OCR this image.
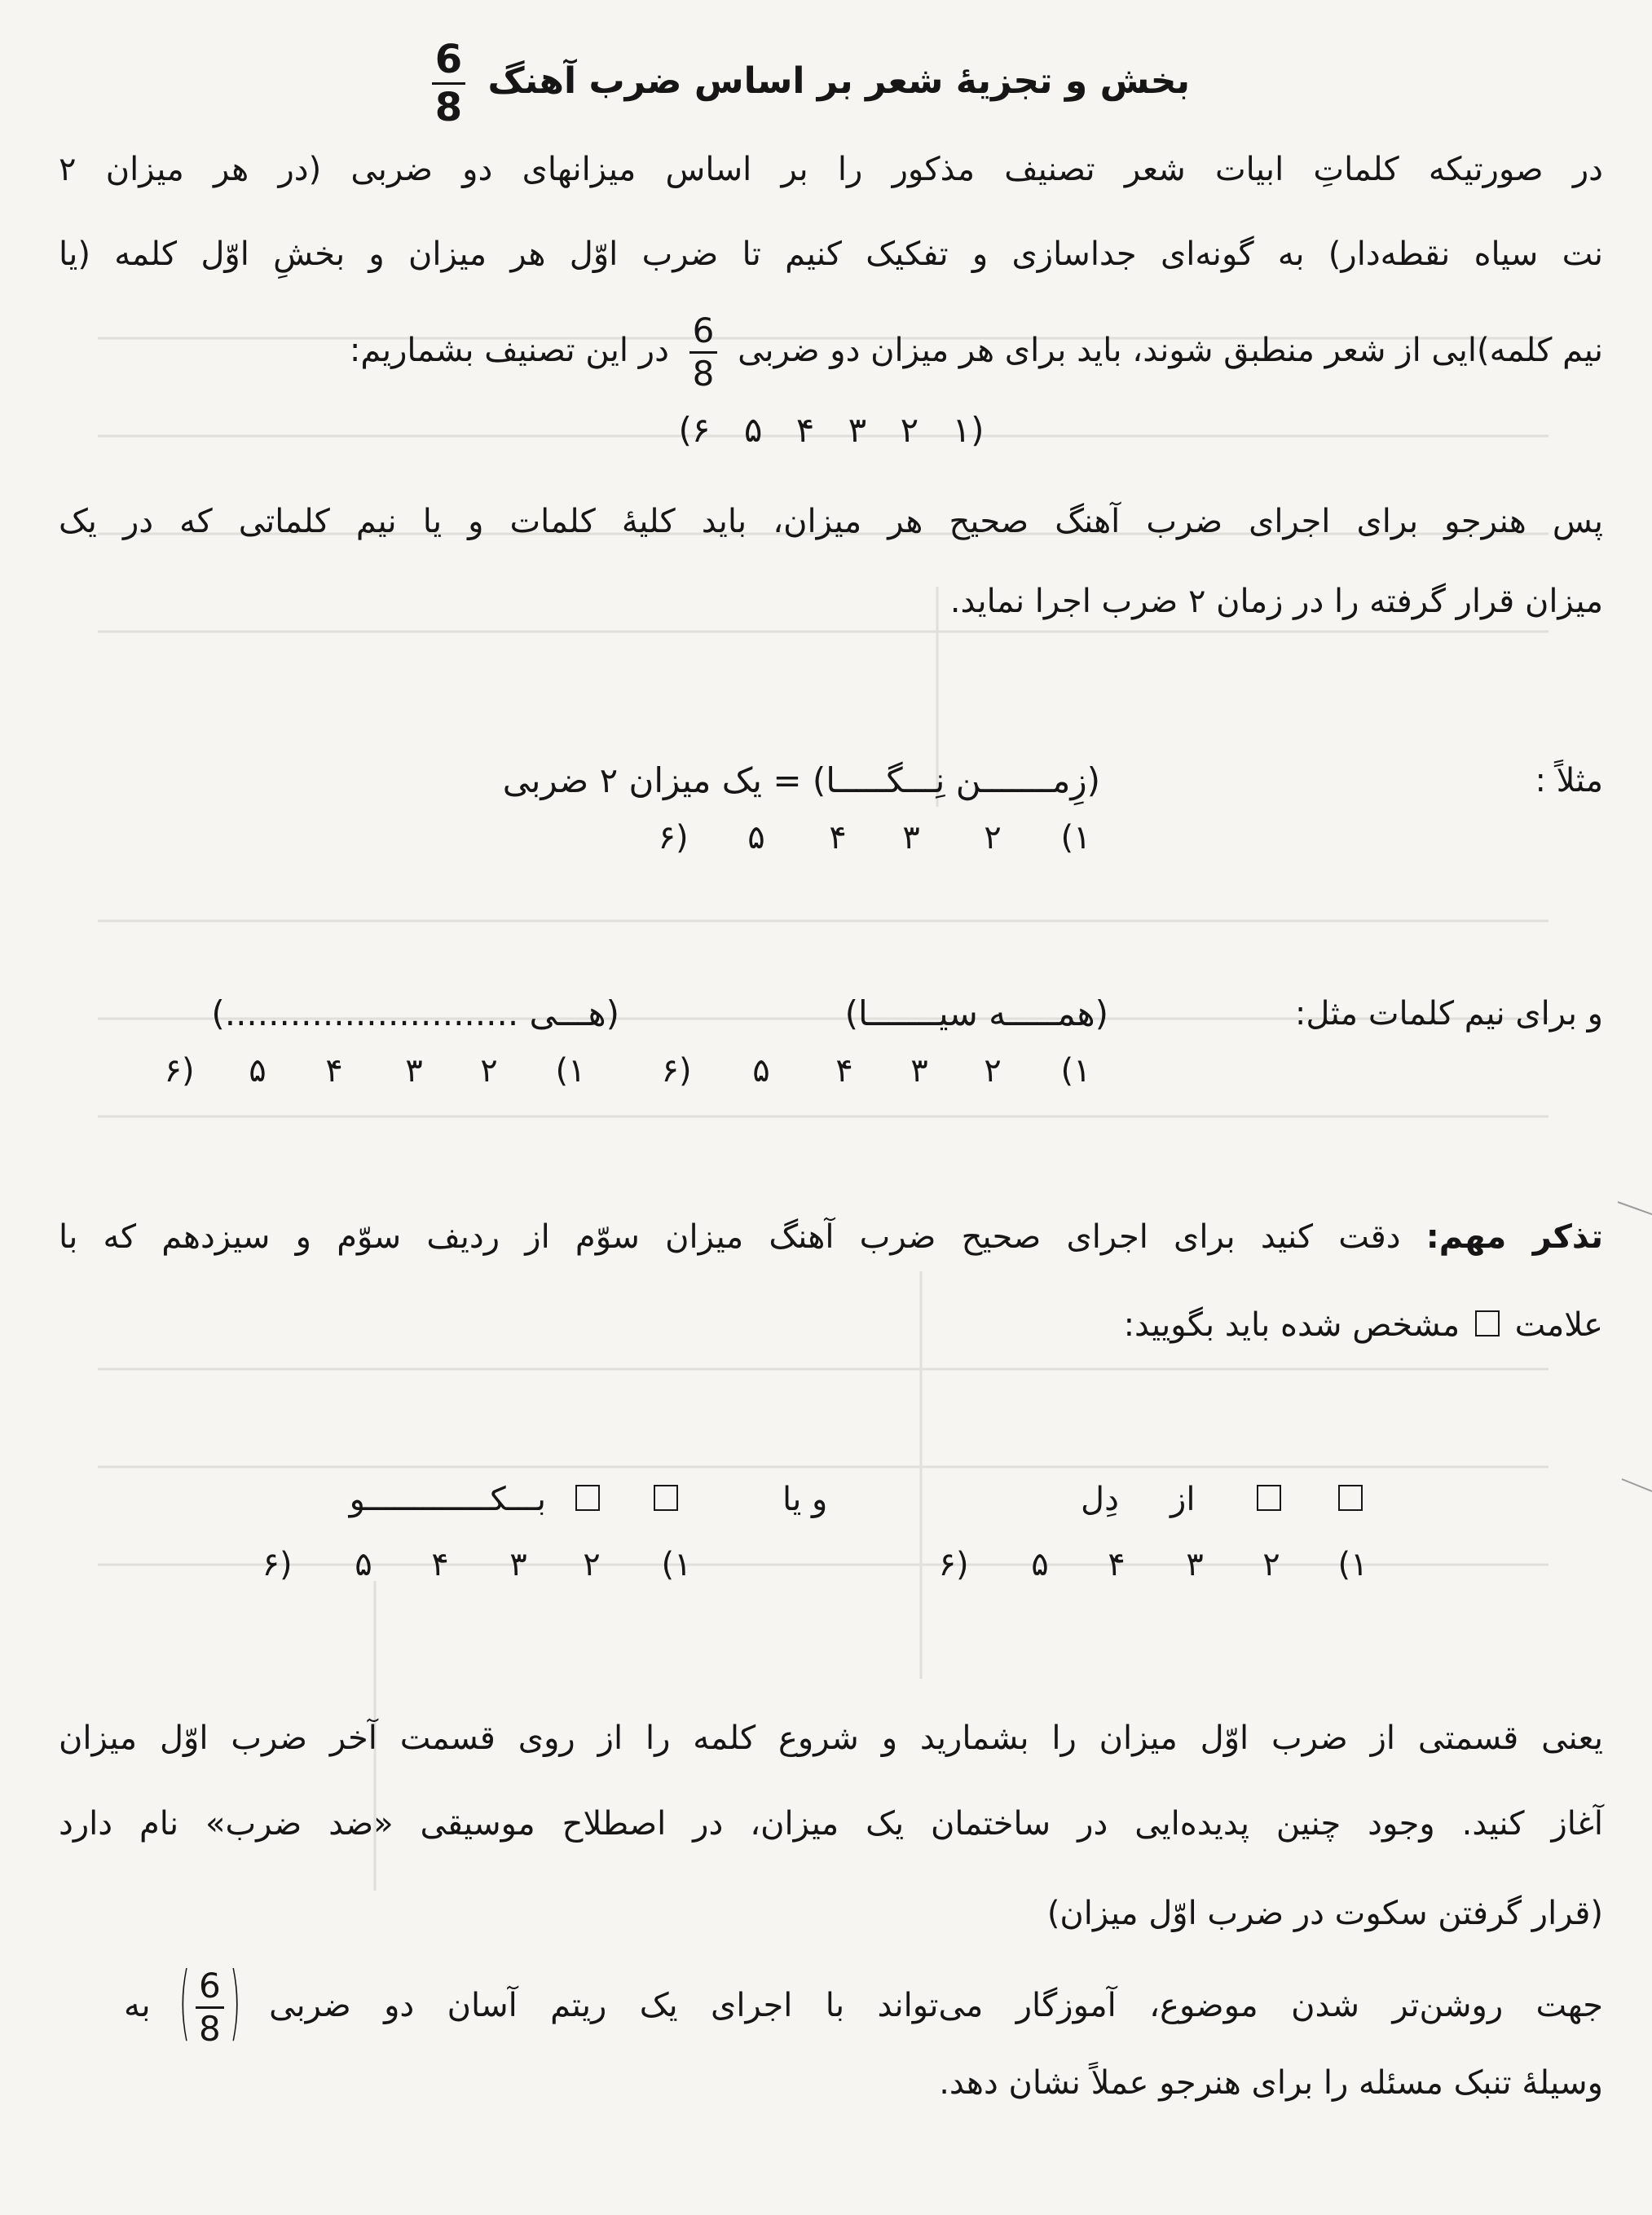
بخش و تجزیهٔ شعر بر اساس ضرب آهنگ
$\frac{6}{8}$
در صورتیکه کلماتِ ابیات شعر تصنیف مذکور را بر اساس میزانهای دو ضربی (در هر میزان ۲
نت سیاه نقطه‌دار) به گونه‌ای جداسازی و تفکیک کنیم تا ضرب اوّل هر میزان و بخشِ اوّل کلمه (یا
نیم کلمه)ایی از شعر منطبق شوند، باید برای هر میزان دو ضربی
$\frac{6}{8}$
در این تصنیف بشماریم:
(۱ ۲ ۳ ۴ ۵ ۶)
پس هنرجو برای اجرای ضرب آهنگ صحیح هر میزان، باید کلیهٔ کلمات و یا نیم کلماتی که در یک
میزان قرار گرفته را در زمان ۲ ضرب اجرا نماید.
مثلاً :
(زِمـــــــن نِـــگـــــا) = یک میزان ۲ ضربی
(۱
۲
۳
۴
۵
۶)
و برای نیم کلمات مثل:
(همـــــه سیـــــــا)
(هـــی ...........................)
(۱
۲
۳
۴
۵
۶)
(۱
۲
۳
۴
۵
۶)
تذکر مهم: دقت کنید برای اجرای صحیح ضرب آهنگ میزان سوّم از ردیف سوّم و سیزدهم که با
علامت  مشخص شده باید بگویید:
از
دِل
و یا
بـــکـــــــــــــو
(۱
۲
۳
۴
۵
۶)
(۱
۲
۳
۴
۵
۶)
یعنی قسمتی از ضرب اوّل میزان را بشمارید و شروع کلمه را از روی قسمت آخر ضرب اوّل میزان
آغاز کنید. وجود چنین پدیده‌ایی در ساختمان یک میزان، در اصطلاح موسیقی «ضد ضرب» نام دارد
(قرار گرفتن سکوت در ضرب اوّل میزان)
جهت روشن‌تر شدن موضوع، آموزگار می‌تواند با اجرای یک ریتم آسان دو ضربی (
$\frac{6}{8}$
) به
وسیلهٔ تنبک مسئله را برای هنرجو عملاً نشان دهد.
